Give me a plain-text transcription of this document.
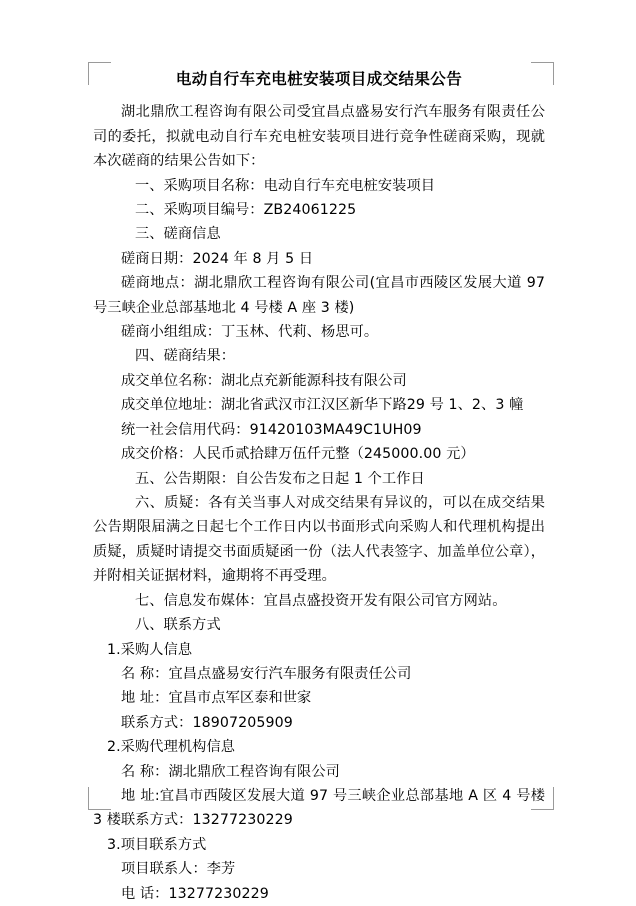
电动自行车充电桩安装项目成交结果公告

湖北鼎欣工程咨询有限公司受宜昌点盛易安行汽车服务有限责任公司的委托，拟就电动自行车充电桩安装项目进行竞争性磋商采购，现就本次磋商的结果公告如下：

一、采购项目名称：电动自行车充电桩安装项目

二、采购项目编号：ZB24061225

三、磋商信息

磋商日期：2024 年 8 月 5 日

磋商地点：湖北鼎欣工程咨询有限公司(宜昌市西陵区发展大道 97 号三峡企业总部基地北 4 号楼 A 座 3 楼)

磋商小组组成：丁玉林、代莉、杨思可。

四、磋商结果：

成交单位名称：湖北点充新能源科技有限公司

成交单位地址：湖北省武汉市江汉区新华下路29 号 1、2、3 幢

统一社会信用代码：91420103MA49C1UH09

成交价格：人民币贰拾肆万伍仟元整（245000.00 元）

五、公告期限：自公告发布之日起 1 个工作日

六、质疑：各有关当事人对成交结果有异议的，可以在成交结果公告期限届满之日起七个工作日内以书面形式向采购人和代理机构提出质疑，质疑时请提交书面质疑函一份（法人代表签字、加盖单位公章），并附相关证据材料，逾期将不再受理。

七、信息发布媒体：宜昌点盛投资开发有限公司官方网站。

八、联系方式

1.采购人信息

名 称：宜昌点盛易安行汽车服务有限责任公司

地 址：宜昌市点军区泰和世家

联系方式：18907205909

2.采购代理机构信息

名 称：湖北鼎欣工程咨询有限公司

地 址:宜昌市西陵区发展大道 97 号三峡企业总部基地 A 区 4 号楼 3 楼联系方式：13277230229

3.项目联系方式

项目联系人：李芳

电 话：13277230229
